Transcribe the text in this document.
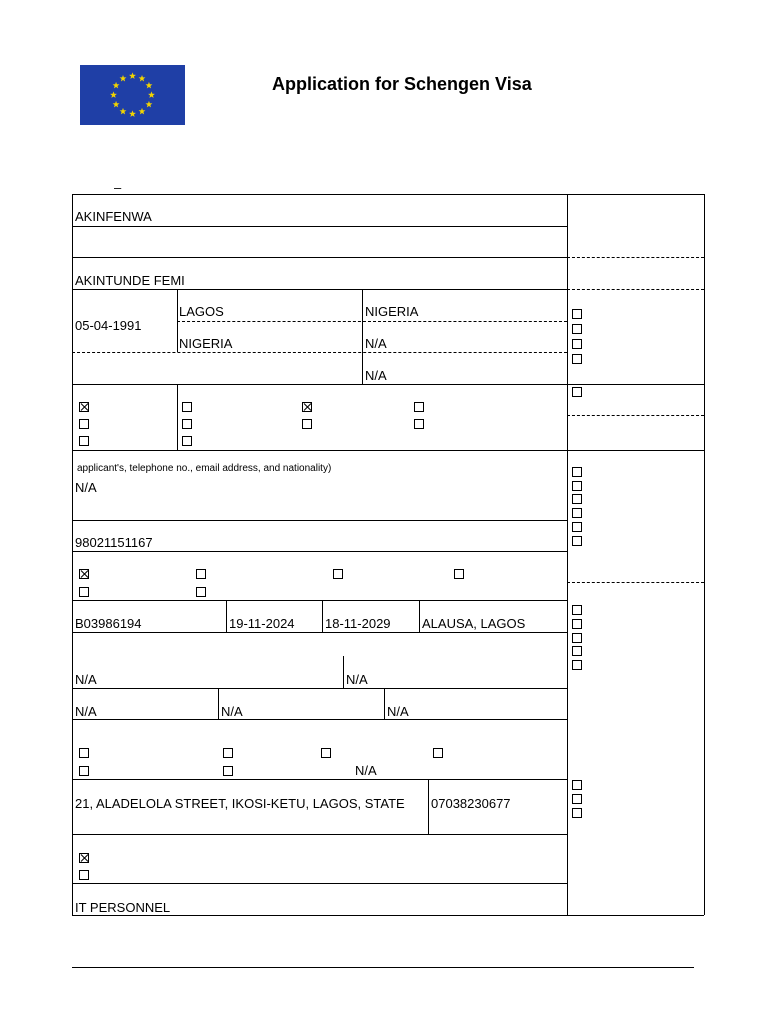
Application for Schengen Visa
–
AKINFENWA
AKINTUNDE FEMI
05-04-1991
LAGOS	NIGERIA
NIGERIA	N/A
N/A
applicant's, telephone no., email address, and nationality)
N/A
98021151167
B03986194	19-11-2024 18-11-2029 ALAUSA, LAGOS
N/A	N/A
N/A	N/A	N/A
N/A
21, ALADELOLA STREET, IKOSI-KETU, LAGOS, STATE 07038230677
IT PERSONNEL
